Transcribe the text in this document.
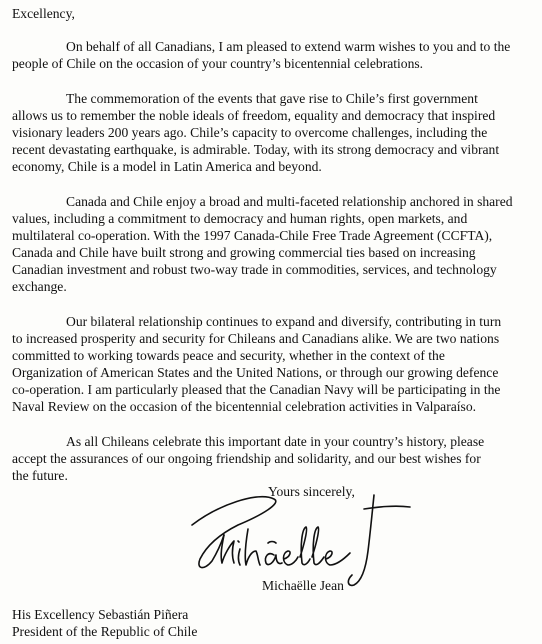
Excellency,
On behalf of all Canadians, I am pleased to extend warm wishes to you and to the
people of Chile on the occasion of your country’s bicentennial celebrations.
The commemoration of the events that gave rise to Chile’s first government
allows us to remember the noble ideals of freedom, equality and democracy that inspired
visionary leaders 200 years ago. Chile’s capacity to overcome challenges, including the
recent devastating earthquake, is admirable. Today, with its strong democracy and vibrant
economy, Chile is a model in Latin America and beyond.
Canada and Chile enjoy a broad and multi-faceted relationship anchored in shared
values, including a commitment to democracy and human rights, open markets, and
multilateral co-operation. With the 1997 Canada-Chile Free Trade Agreement (CCFTA),
Canada and Chile have built strong and growing commercial ties based on increasing
Canadian investment and robust two-way trade in commodities, services, and technology
exchange.
Our bilateral relationship continues to expand and diversify, contributing in turn
to increased prosperity and security for Chileans and Canadians alike. We are two nations
committed to working towards peace and security, whether in the context of the
Organization of American States and the United Nations, or through our growing defence
co-operation. I am particularly pleased that the Canadian Navy will be participating in the
Naval Review on the occasion of the bicentennial celebration activities in Valparaíso.
As all Chileans celebrate this important date in your country’s history, please
accept the assurances of our ongoing friendship and solidarity, and our best wishes for
the future.
Yours sincerely,
Michaëlle Jean
His Excellency Sebastián Piñera
President of the Republic of Chile
